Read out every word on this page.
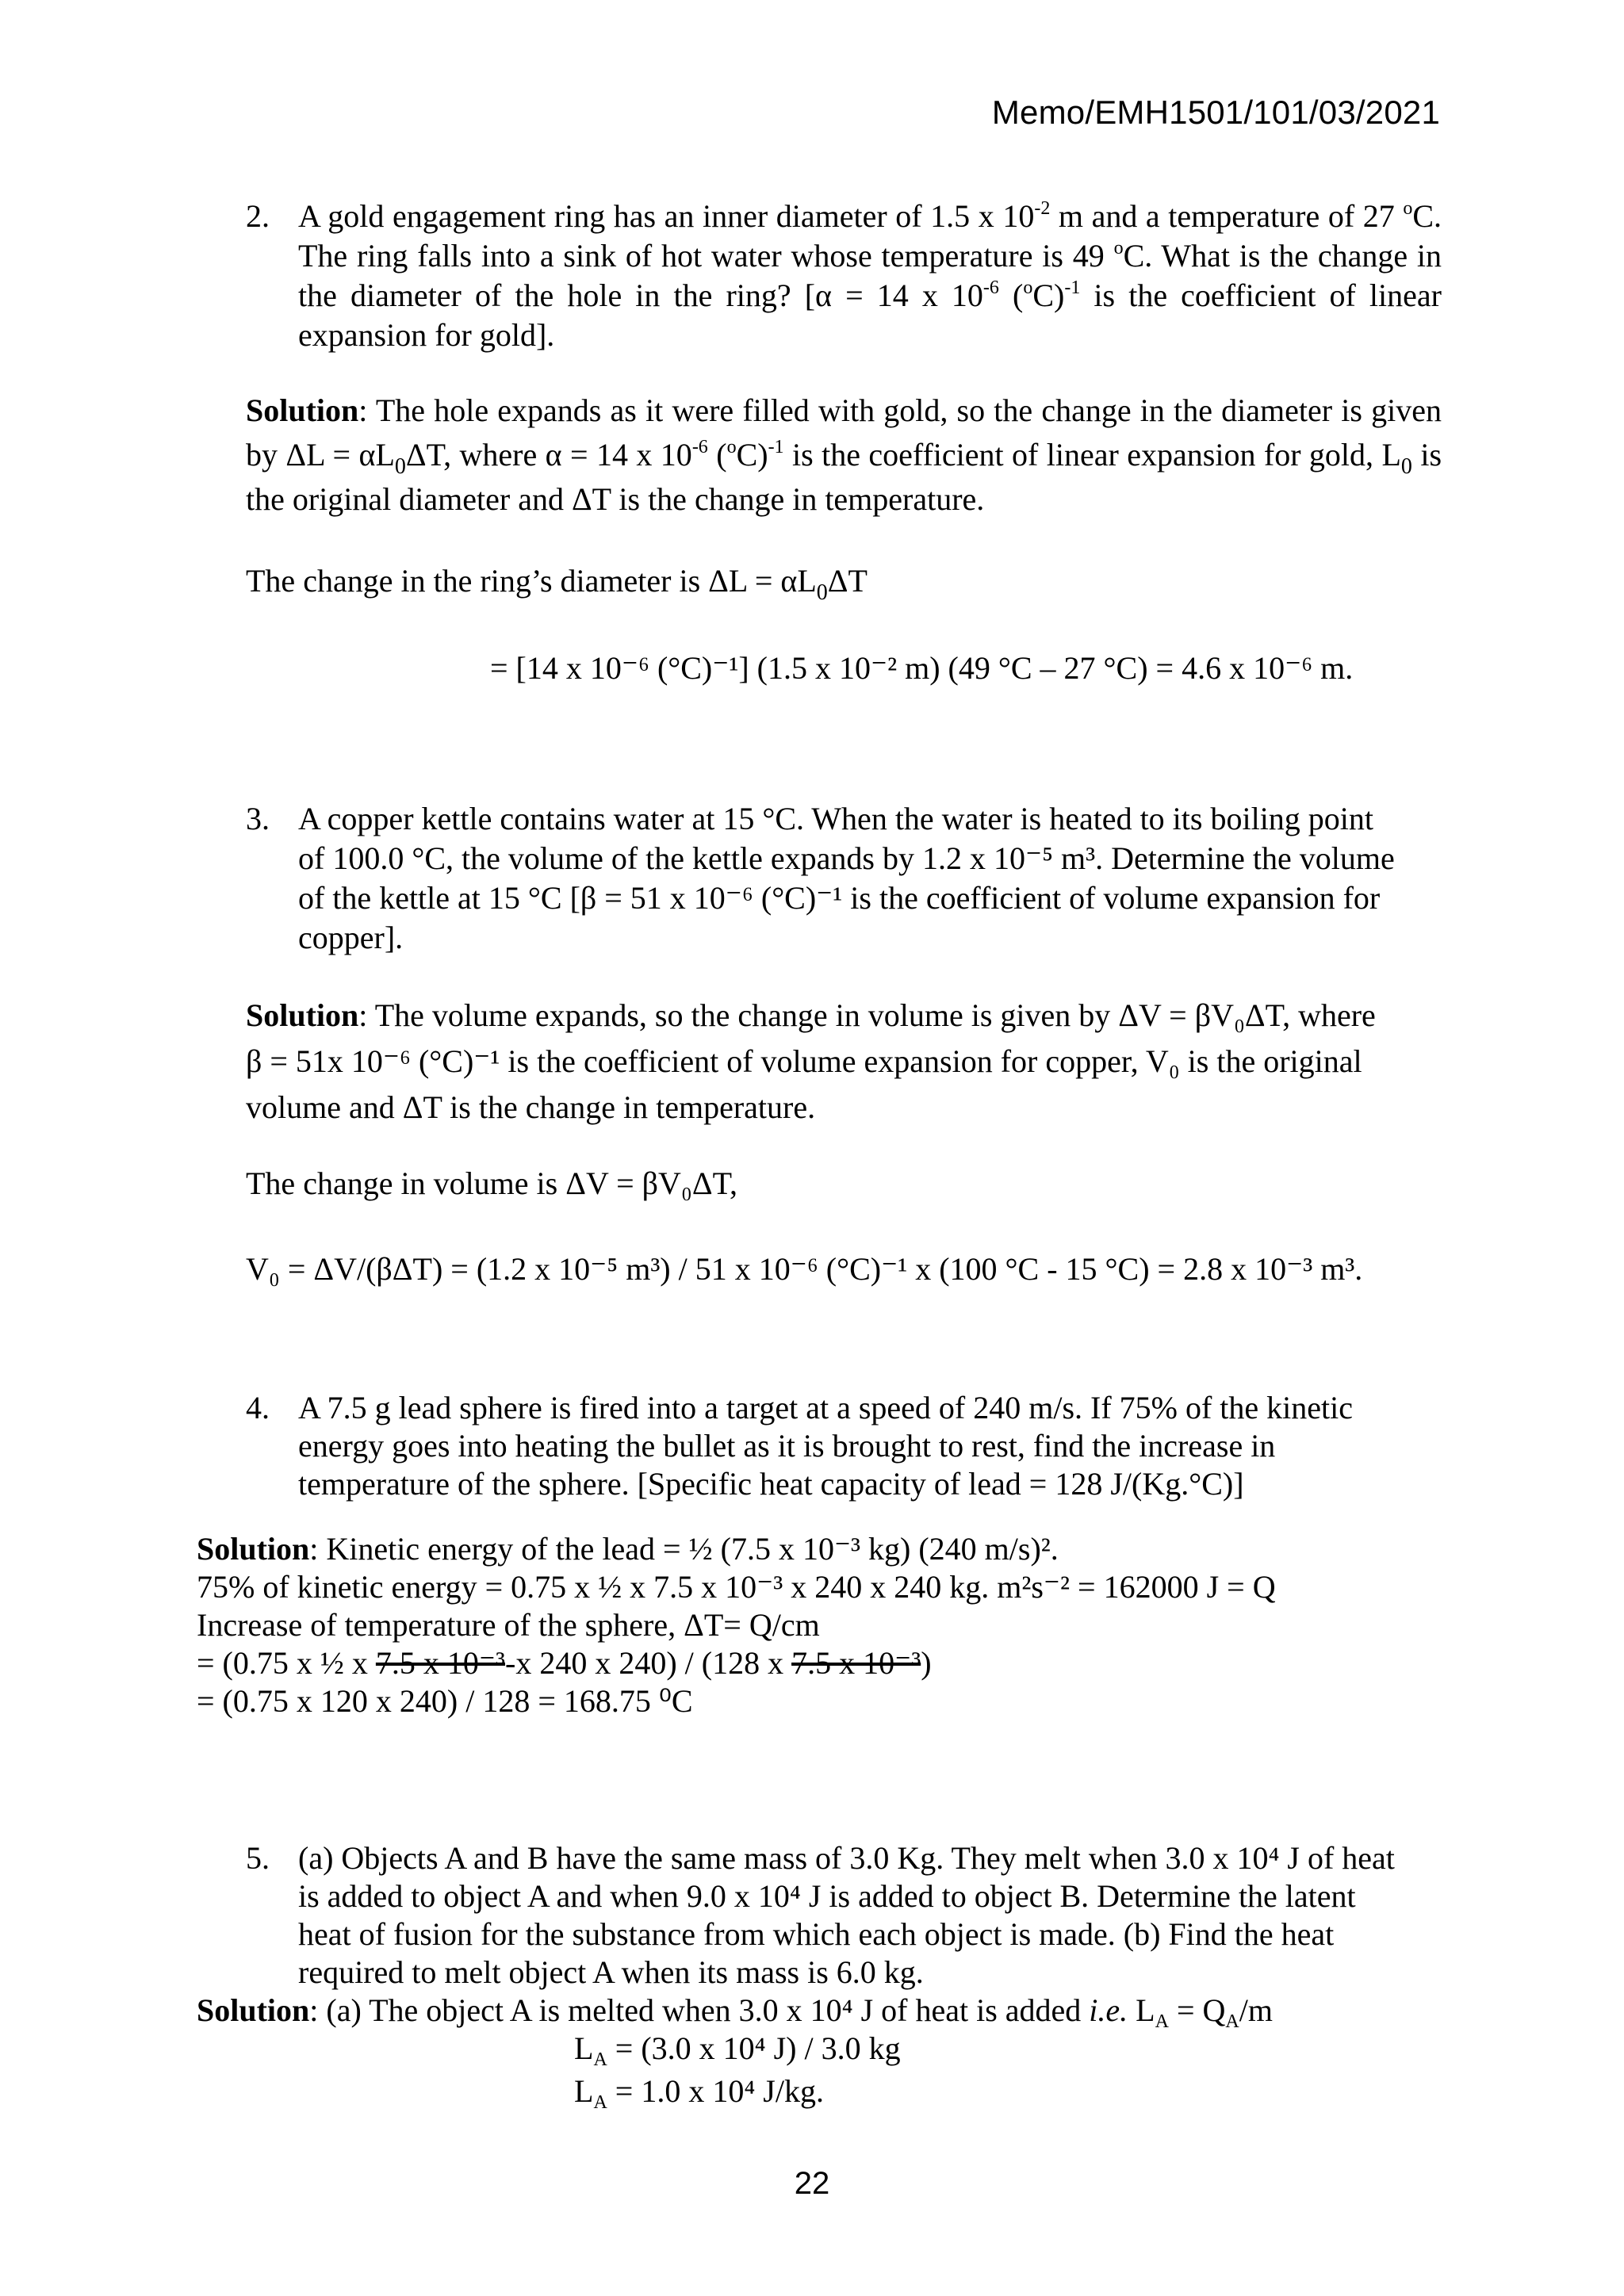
Memo/EMH1501/101/03/2021
2. A gold engagement ring has an inner diameter of 1.5 x $10^{-2}$ m and a temperature of 27 $^o$C. The ring falls into a sink of hot water whose temperature is 49 $^o$C. What is the change in the diameter of the hole in the ring? [α = 14 x $10^{-6}$ $(^oC)^{-1}$ is the coefficient of linear expansion for gold].
Solution: The hole expands as it were filled with gold, so the change in the diameter is given by $\Delta L = \alpha L_0\Delta T$, where α = 14 x $10^{-6}$ $(^oC)^{-1}$ is the coefficient of linear expansion for gold, $L_0$ is the original diameter and ΔT is the change in temperature.
The change in the ring’s diameter is $\Delta L = \alpha L_0\Delta T$
= [14 x 10⁻⁶ (°C)⁻¹] (1.5 x 10⁻² m) (49 °C – 27 °C) = 4.6 x 10⁻⁶ m.
3. A copper kettle contains water at 15 °C. When the water is heated to its boiling point
of 100.0 °C, the volume of the kettle expands by 1.2 x 10⁻⁵ m³. Determine the volume
of the kettle at 15 °C [β = 51 x 10⁻⁶ (°C)⁻¹ is the coefficient of volume expansion for
copper].
Solution: The volume expands, so the change in volume is given by ΔV = βV₀ΔT, where
β = 51x 10⁻⁶ (°C)⁻¹ is the coefficient of volume expansion for copper, V₀ is the original
volume and ΔT is the change in temperature.
The change in volume is ΔV = βV₀ΔT,
V₀ = ΔV/(βΔT) = (1.2 x 10⁻⁵ m³) / 51 x 10⁻⁶ (°C)⁻¹ x (100 °C - 15 °C) = 2.8 x 10⁻³ m³.
4. A 7.5 g lead sphere is fired into a target at a speed of 240 m/s. If 75% of the kinetic
energy goes into heating the bullet as it is brought to rest, find the increase in
temperature of the sphere. [Specific heat capacity of lead = 128 J/(Kg.°C)]
Solution: Kinetic energy of the lead = ½ (7.5 x 10⁻³ kg) (240 m/s)².
75% of kinetic energy = 0.75 x ½ x 7.5 x 10⁻³ x 240 x 240 kg. m²s⁻² = 162000 J = Q
Increase of temperature of the sphere, ΔT= Q/cm
= (0.75 x ½ x 7.5 x 10⁻³-x 240 x 240) / (128 x 7.5 x 10⁻³)
= (0.75 x 120 x 240) / 128 = 168.75 ⁰C
5. (a) Objects A and B have the same mass of 3.0 Kg. They melt when 3.0 x 10⁴ J of heat
is added to object A and when 9.0 x 10⁴ J is added to object B. Determine the latent
heat of fusion for the substance from which each object is made. (b) Find the heat
required to melt object A when its mass is 6.0 kg.
Solution: (a) The object A is melted when 3.0 x 10⁴ J of heat is added i.e. $L_A = Q_A/m$
$L_A = (3.0$ x 10⁴ J) / 3.0 kg
$L_A = 1.0$ x 10⁴ J/kg.
22
